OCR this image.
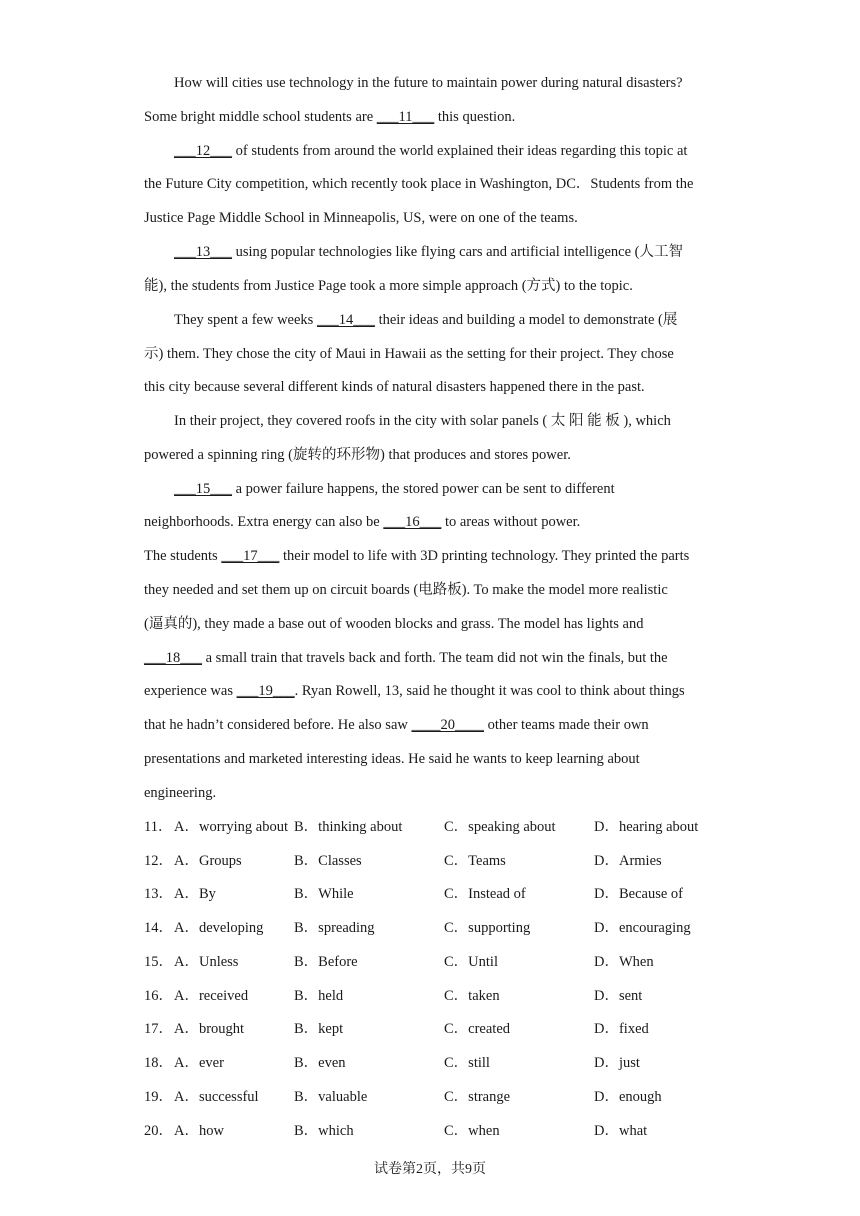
How will cities use technology in the future to maintain power during natural disasters?
Some bright middle school students are ___11___ this question.
___12___ of students from around the world explained their ideas regarding this topic at
the Future City competition, which recently took place in Washington, DC．Students from the
Justice Page Middle School in Minneapolis, US, were on one of the teams.
___13___ using popular technologies like flying cars and artificial intelligence (人工智
能), the students from Justice Page took a more simple approach (方式) to the topic.
They spent a few weeks ___14___ their ideas and building a model to demonstrate (展
示) them. They chose the city of Maui in Hawaii as the setting for their project. They chose
this city because several different kinds of natural disasters happened there in the past.
In their project, they covered roofs in the city with solar panels ( 太 阳 能 板 ), which
powered a spinning ring (旋转的环形物) that produces and stores power.
___15___ a power failure happens, the stored power can be sent to different
neighborhoods. Extra energy can also be ___16___ to areas without power.
The students ___17___ their model to life with 3D printing technology. They printed the parts
they needed and set them up on circuit boards (电路板). To make the model more realistic
(逼真的), they made a base out of wooden blocks and grass. The model has lights and
___18___ a small train that travels back and forth. The team did not win the finals, but the
experience was ___19___. Ryan Rowell, 13, said he thought it was cool to think about things
that he hadn’t considered before. He also saw ____20____ other teams made their own
presentations and marketed interesting ideas. He said he wants to keep learning about
engineering.
11． A．worrying about B．thinking about	C．speaking about	D．hearing about
12． A．Groups	B．Classes	C．Teams	D．Armies
13． A．By	B．While	C．Instead of	D．Because of
14． A．developing B．spreading	C．supporting	D．encouraging
15． A．Unless	B．Before	C．Until	D．When
16． A．received	B．held	C．taken	D．sent
17． A．brought	B．kept	C．created	D．fixed
18． A．ever	B．even	C．still	D．just
19． A．successful B．valuable	C．strange	D．enough
20． A．how	B．which	C．when	D．what
试卷第2页，共9页
